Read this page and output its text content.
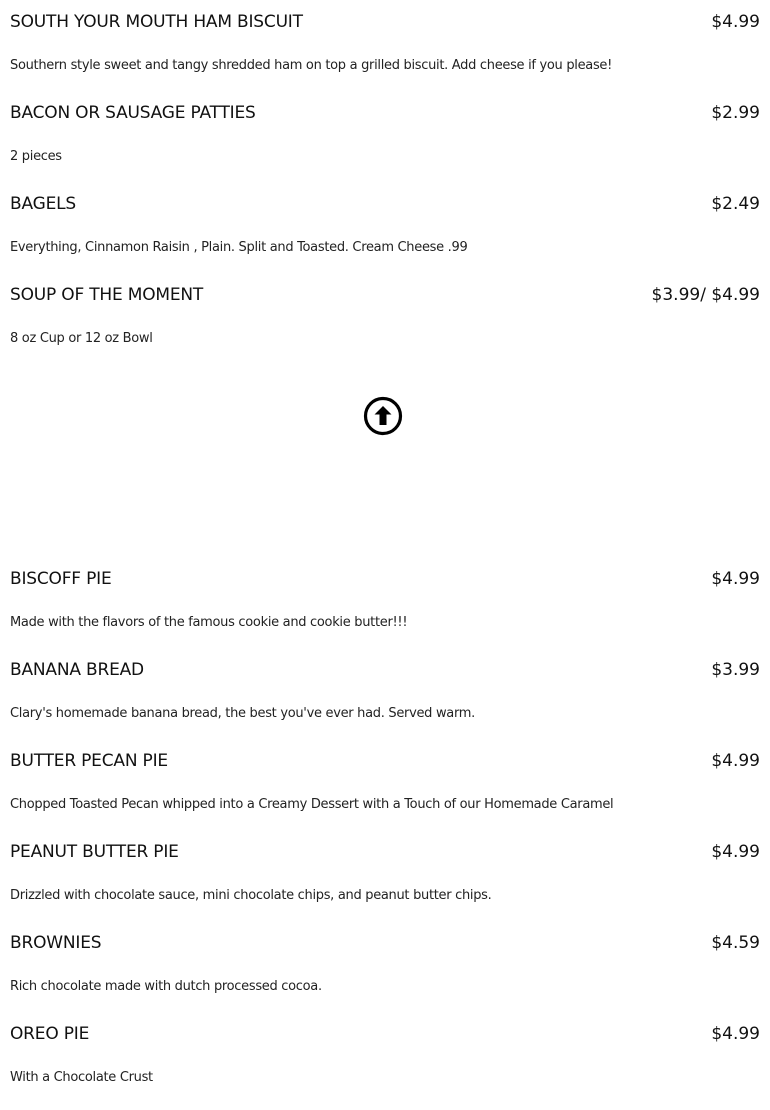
SOUTH YOUR MOUTH HAM BISCUIT	$4.99
Southern style sweet and tangy shredded ham on top a grilled biscuit. Add cheese if you please!
BACON OR SAUSAGE PATTIES	$2.99
2 pieces
BAGELS	$2.49
Everything, Cinnamon Raisin , Plain. Split and Toasted. Cream Cheese .99
SOUP OF THE MOMENT	$3.99/ $4.99
8 oz Cup or 12 oz Bowl
BISCOFF PIE	$4.99
Made with the flavors of the famous cookie and cookie butter!!!
BANANA BREAD	$3.99
Clary's homemade banana bread, the best you've ever had. Served warm.
BUTTER PECAN PIE	$4.99
Chopped Toasted Pecan whipped into a Creamy Dessert with a Touch of our Homemade Caramel
PEANUT BUTTER PIE	$4.99
Drizzled with chocolate sauce, mini chocolate chips, and peanut butter chips.
BROWNIES	$4.59
Rich chocolate made with dutch processed cocoa.
OREO PIE	$4.99
With a Chocolate Crust
